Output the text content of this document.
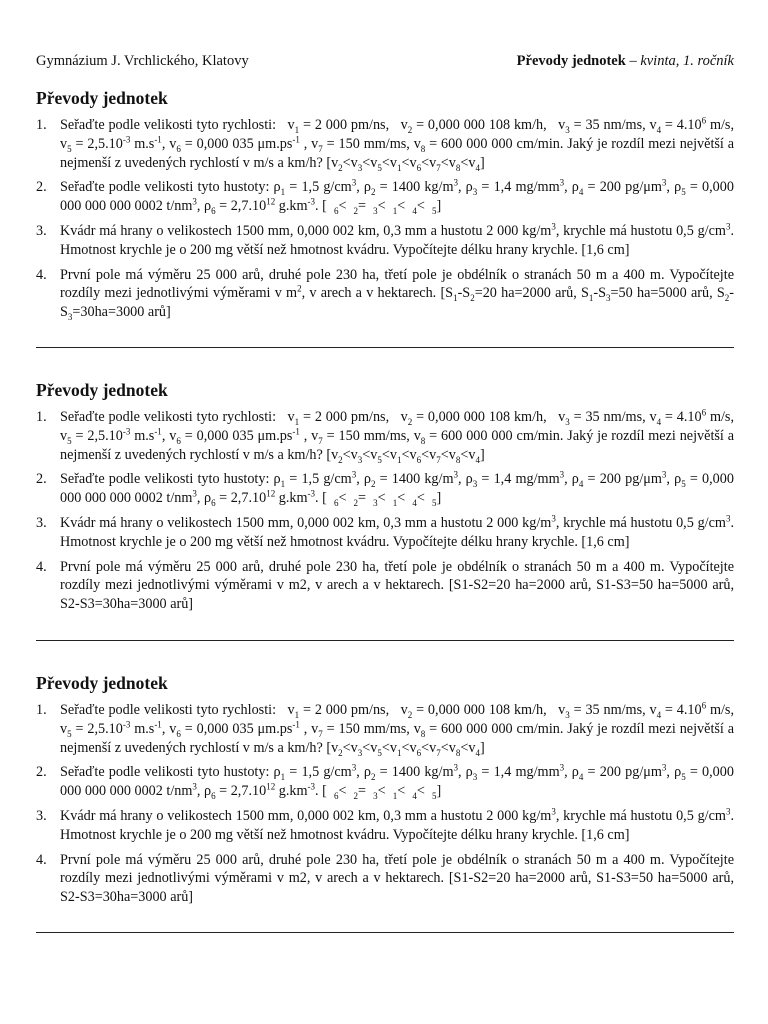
Gymnázium J. Vrchlického, Klatovy	Převody jednotek – kvinta, 1. ročník
Převody jednotek
1. Seřaďte podle velikosti tyto rychlosti:   $v_1 = 2$ 000 pm/ns,   $v_2 = 0,000$ 000 108 km/h,   $v_3 = 35$ nm/ms, $v_4 = 4.10^6$ m/s, $v_5 = 2,5.10^{-3}$ $m.s^{-1}$, $v_6 = 0,000$ 035 $\mu m.ps^{-1}$ , $v_7 = 150$ mm/ms, $v_8 = 600$ 000 000 cm/min. Jaký je rozdíl mezi největší a nejmenší z uvedených rychlostí v m/s a km/h? $[v_2<v_3<v_5<v_1<v_6<v_7<v_8<v_4]$
2. Seřaďte podle velikosti tyto hustoty: $\rho_1 = 1,5$ $g/cm^3$, $\rho_2 = 1400$ $kg/m^3$, $\rho_3 = 1,4$ $mg/mm^3$, $\rho_4 = 200$ $pg/\mu m^3$, $\rho_5 = 0,000$ 000 000 000 0002 $t/nm^3$, $\rho_6 = 2,7.10^{12}$ $g.km^{-3}$. [  $_6$<  $_2$=  $_3$<  $_1$<  $_4$<  $_5$]
3. Kvádr má hrany o velikostech 1500 mm, 0,000 002 km, 0,3 mm a hustotu 2 000 $kg/m^3$, krychle má hustotu 0,5 $g/cm^3$. Hmotnost krychle je o 200 mg větší než hmotnost kvádru. Vypočítejte délku hrany krychle. [1,6 cm]
4. První pole má výměru 25 000 arů, druhé pole 230 ha, třetí pole je obdélník o stranách 50 m a 400 m. Vypočítejte rozdíly mezi jednotlivými výměrami v $m^2$, v arech a v hektarech. [$S_1-S_2=20$ ha=2000 arů, $S_1-S_3=50$ ha=5000 arů, $S_2-S_3=30ha=3000$ arů]
Převody jednotek
1. Seřaďte podle velikosti tyto rychlosti:   $v_1 = 2$ 000 pm/ns,   $v_2 = 0,000$ 000 108 km/h,   $v_3 = 35$ nm/ms, $v_4 = 4.10^6$ m/s, $v_5 = 2,5.10^{-3}$ $m.s^{-1}$, $v_6 = 0,000$ 035 $\mu m.ps^{-1}$ , $v_7 = 150$ mm/ms, $v_8 = 600$ 000 000 cm/min. Jaký je rozdíl mezi největší a nejmenší z uvedených rychlostí v m/s a km/h? $[v_2<v_3<v_5<v_1<v_6<v_7<v_8<v_4]$
2. Seřaďte podle velikosti tyto hustoty: $\rho_1 = 1,5$ $g/cm^3$, $\rho_2 = 1400$ $kg/m^3$, $\rho_3 = 1,4$ $mg/mm^3$, $\rho_4 = 200$ $pg/\mu m^3$, $\rho_5 = 0,000$ 000 000 000 0002 $t/nm^3$, $\rho_6 = 2,7.10^{12}$ $g.km^{-3}$. [  $_6$<  $_2$=  $_3$<  $_1$<  $_4$<  $_5$]
3. Kvádr má hrany o velikostech 1500 mm, 0,000 002 km, 0,3 mm a hustotu 2 000 $kg/m^3$, krychle má hustotu 0,5 $g/cm^3$. Hmotnost krychle je o 200 mg větší než hmotnost kvádru. Vypočítejte délku hrany krychle. [1,6 cm]
4. První pole má výměru 25 000 arů, druhé pole 230 ha, třetí pole je obdélník o stranách 50 m a 400 m. Vypočítejte rozdíly mezi jednotlivými výměrami v m2, v arech a v hektarech. [S1-S2=20 ha=2000 arů, S1-S3=50 ha=5000 arů, S2-S3=30ha=3000 arů]
Převody jednotek
1. Seřaďte podle velikosti tyto rychlosti:   $v_1 = 2$ 000 pm/ns,   $v_2 = 0,000$ 000 108 km/h,   $v_3 = 35$ nm/ms, $v_4 = 4.10^6$ m/s, $v_5 = 2,5.10^{-3}$ $m.s^{-1}$, $v_6 = 0,000$ 035 $\mu m.ps^{-1}$ , $v_7 = 150$ mm/ms, $v_8 = 600$ 000 000 cm/min. Jaký je rozdíl mezi největší a nejmenší z uvedených rychlostí v m/s a km/h? $[v_2<v_3<v_5<v_1<v_6<v_7<v_8<v_4]$
2. Seřaďte podle velikosti tyto hustoty: $\rho_1 = 1,5$ $g/cm^3$, $\rho_2 = 1400$ $kg/m^3$, $\rho_3 = 1,4$ $mg/mm^3$, $\rho_4 = 200$ $pg/\mu m^3$, $\rho_5 = 0,000$ 000 000 000 0002 $t/nm^3$, $\rho_6 = 2,7.10^{12}$ $g.km^{-3}$. [  $_6$<  $_2$=  $_3$<  $_1$<  $_4$<  $_5$]
3. Kvádr má hrany o velikostech 1500 mm, 0,000 002 km, 0,3 mm a hustotu 2 000 $kg/m^3$, krychle má hustotu 0,5 $g/cm^3$. Hmotnost krychle je o 200 mg větší než hmotnost kvádru. Vypočítejte délku hrany krychle. [1,6 cm]
4. První pole má výměru 25 000 arů, druhé pole 230 ha, třetí pole je obdélník o stranách 50 m a 400 m. Vypočítejte rozdíly mezi jednotlivými výměrami v m2, v arech a v hektarech. [S1-S2=20 ha=2000 arů, S1-S3=50 ha=5000 arů, S2-S3=30ha=3000 arů]
